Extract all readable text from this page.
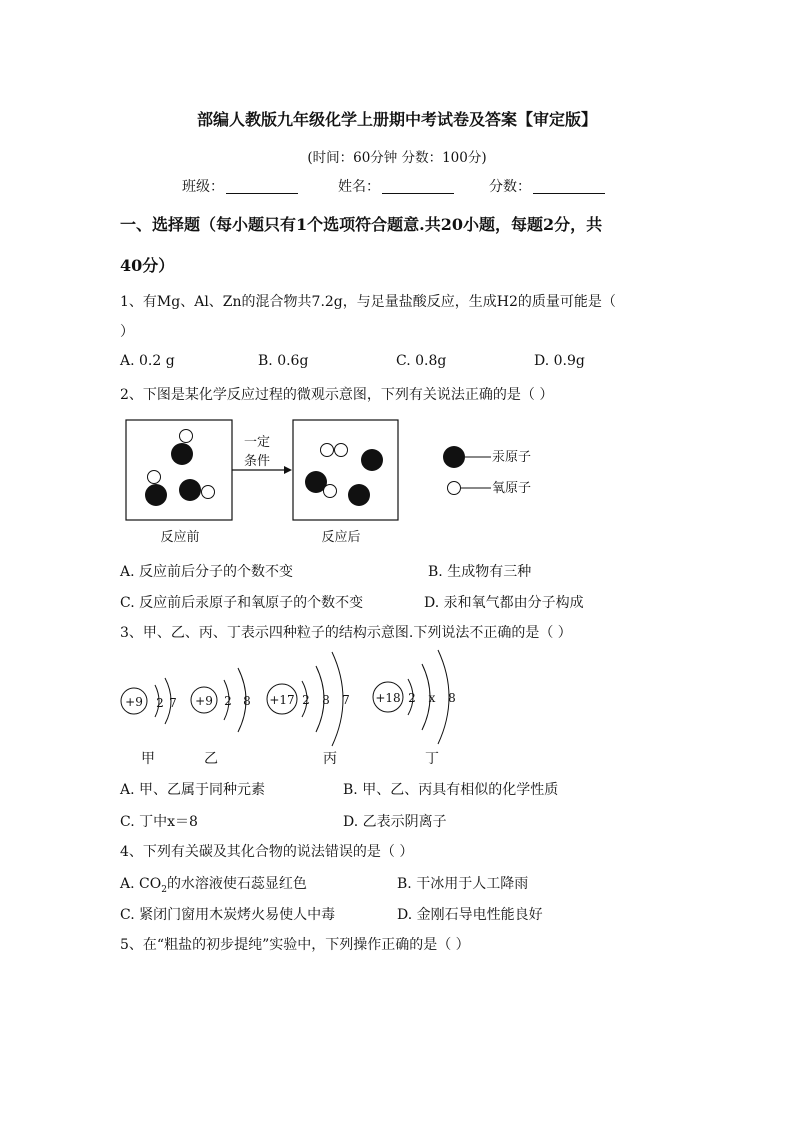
部编人教版九年级化学上册期中考试卷及答案【审定版】
(时间：60分钟 分数：100分)
班级：	姓名：	分数：
一、选择题（每小题只有1个选项符合题意.共20小题，每题2分，共
40分）
1、有Mg、Al、Zn的混合物共7.2g，与足量盐酸反应，生成H2的质量可能是（
）
A. 0.2 g	B. 0.6g	C. 0.8g	D. 0.9g
2、下图是某化学反应过程的微观示意图，下列有关说法正确的是（ ）
一定
条件
反应前	反应后
汞原子
氧原子
A. 反应前后分子的个数不变	B. 生成物有三种
C. 反应前后汞原子和氧原子的个数不变	D. 汞和氧气都由分子构成
3、甲、乙、丙、丁表示四种粒子的结构示意图.下列说法不正确的是（ ）
+9 2 7 +9 2 8 +17 2 8 7 +18 2 x 8
甲	乙	丙	丁
A. 甲、乙属于同种元素	B. 甲、乙、丙具有相似的化学性质
C. 丁中x＝8	D. 乙表示阴离子
4、下列有关碳及其化合物的说法错误的是（ ）
A. $CO_2$的水溶液使石蕊显红色	B. 干冰用于人工降雨
C. 紧闭门窗用木炭烤火易使人中毒	D. 金刚石导电性能良好
5、在“粗盐的初步提纯”实验中，下列操作正确的是（ ）
